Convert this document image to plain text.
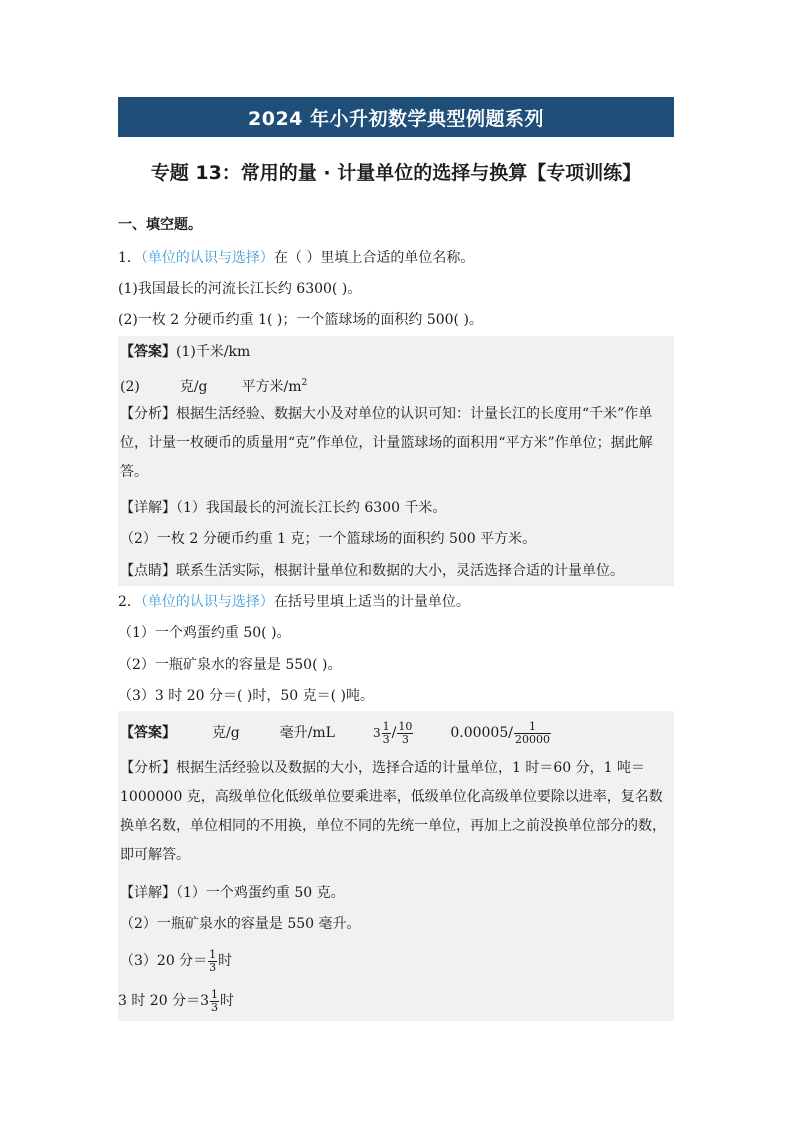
2024 年小升初数学典型例题系列
专题 13：常用的量 · 计量单位的选择与换算【专项训练】
一、填空题。
1．（单位的认识与选择）在（ ）里填上合适的单位名称。
(1)我国最长的河流长江长约 6300( )。
(2)一枚 2 分硬币约重 1( )；一个篮球场的面积约 500( )。
【答案】(1)千米/km
(2)	克/g 平方米$/m^2$
【分析】根据生活经验、数据大小及对单位的认识可知：计量长江的长度用“千米”作单位，计量一枚硬币的质量用“克”作单位，计量篮球场的面积用“平方米”作单位；据此解答。
【详解】（1）我国最长的河流长江长约 6300 千米。
（2）一枚 2 分硬币约重 1 克；一个篮球场的面积约 500 平方米。
【点睛】联系生活实际，根据计量单位和数据的大小，灵活选择合适的计量单位。
2．（单位的认识与选择）在括号里填上适当的计量单位。
（1）一个鸡蛋约重 50( )。
（2）一瓶矿泉水的容量是 550( )。
（3）3 时 20 分＝( )时，50 克＝( )吨。
【答案】	克/g	毫升/mL	$3 \frac{1}{3} / \frac{10}{3}$	$0.00005/ \frac{1}{20000}$
【分析】根据生活经验以及数据的大小，选择合适的计量单位，1 时＝60 分，1 吨＝1000000 克，高级单位化低级单位要乘进率，低级单位化高级单位要除以进率，复名数换单名数，单位相同的不用换，单位不同的先统一单位，再加上之前没换单位部分的数，即可解答。
【详解】（1）一个鸡蛋约重 50 克。
（2）一瓶矿泉水的容量是 550 毫升。
（3）20 分＝ $\frac{1}{3}$ 时
3 时 20 分$=3 \frac{1}{3}$ 时
